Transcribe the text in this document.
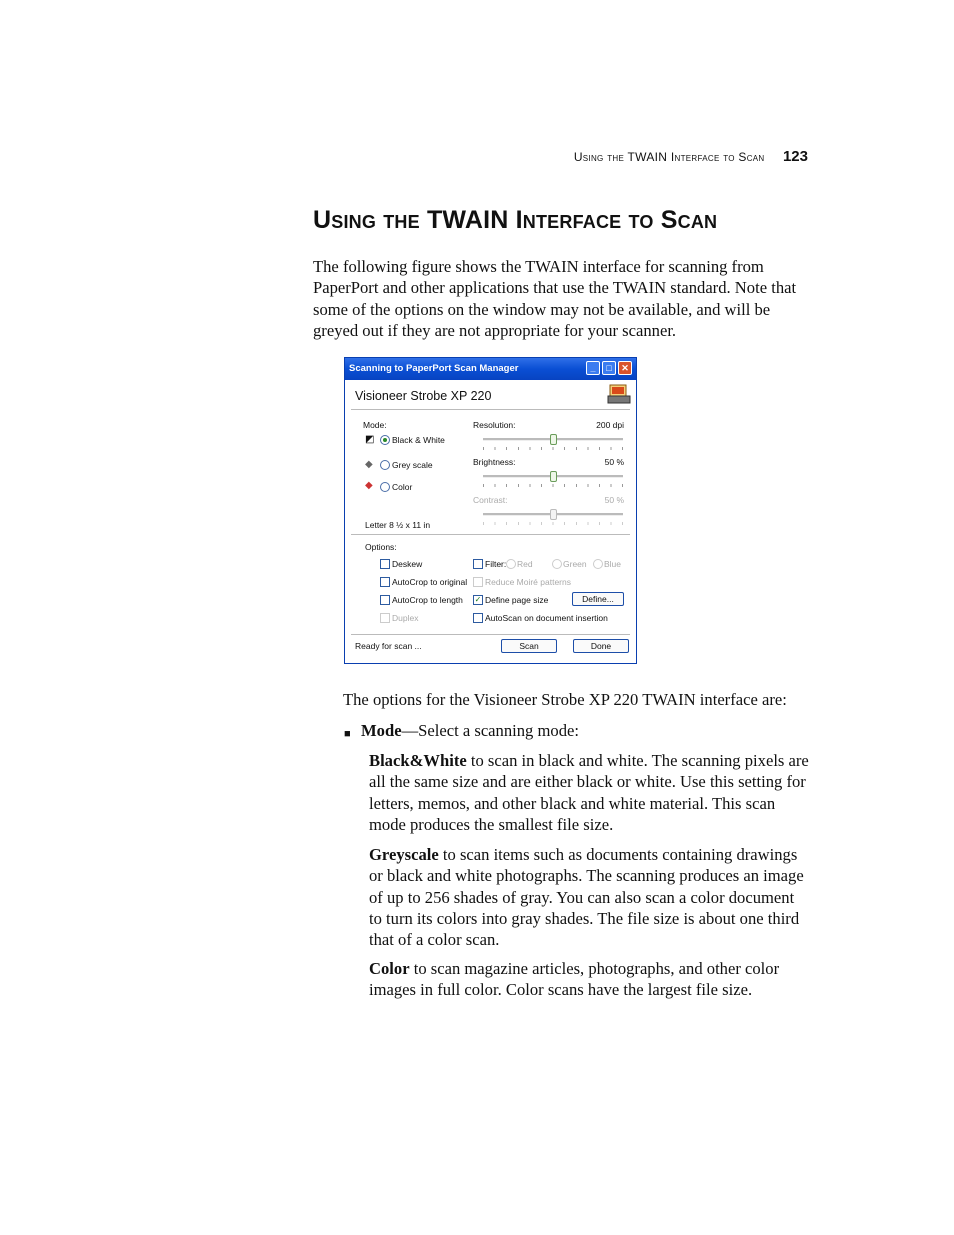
Using the TWAIN Interface to Scan 123
Using the TWAIN Interface to Scan

The following figure shows the TWAIN interface for scanning from PaperPort and other applications that use the TWAIN standard. Note that some of the options on the window may not be available, and will be greyed out if they are not appropriate for your scanner.

Scanning to PaperPort Scan Manager	_	□	✕
Visioneer Strobe XP 220
Mode:
◩ Black & White
◆ Grey scale
◆ Color
Resolution:	200 dpi
Brightness:	50 %
Contrast:	50 %
Letter 8 ½ x 11 in
Options:
Deskew
AutoCrop to original
AutoCrop to length
Duplex
Filter: Red	Green Blue
Reduce Moiré patterns
✓ Define page size	Define...
AutoScan on document insertion
Ready for scan ...	Scan	Done

The options for the Visioneer Strobe XP 220 TWAIN interface are:

■ Mode—Select a scanning mode:

Black&White to scan in black and white. The scanning pixels are all the same size and are either black or white. Use this setting for letters, memos, and other black and white material. This scan mode produces the smallest file size.

Greyscale to scan items such as documents containing drawings or black and white photographs. The scanning produces an image of up to 256 shades of gray. You can also scan a color document to turn its colors into gray shades. The file size is about one third that of a color scan.

Color to scan magazine articles, photographs, and other color images in full color. Color scans have the largest file size.
